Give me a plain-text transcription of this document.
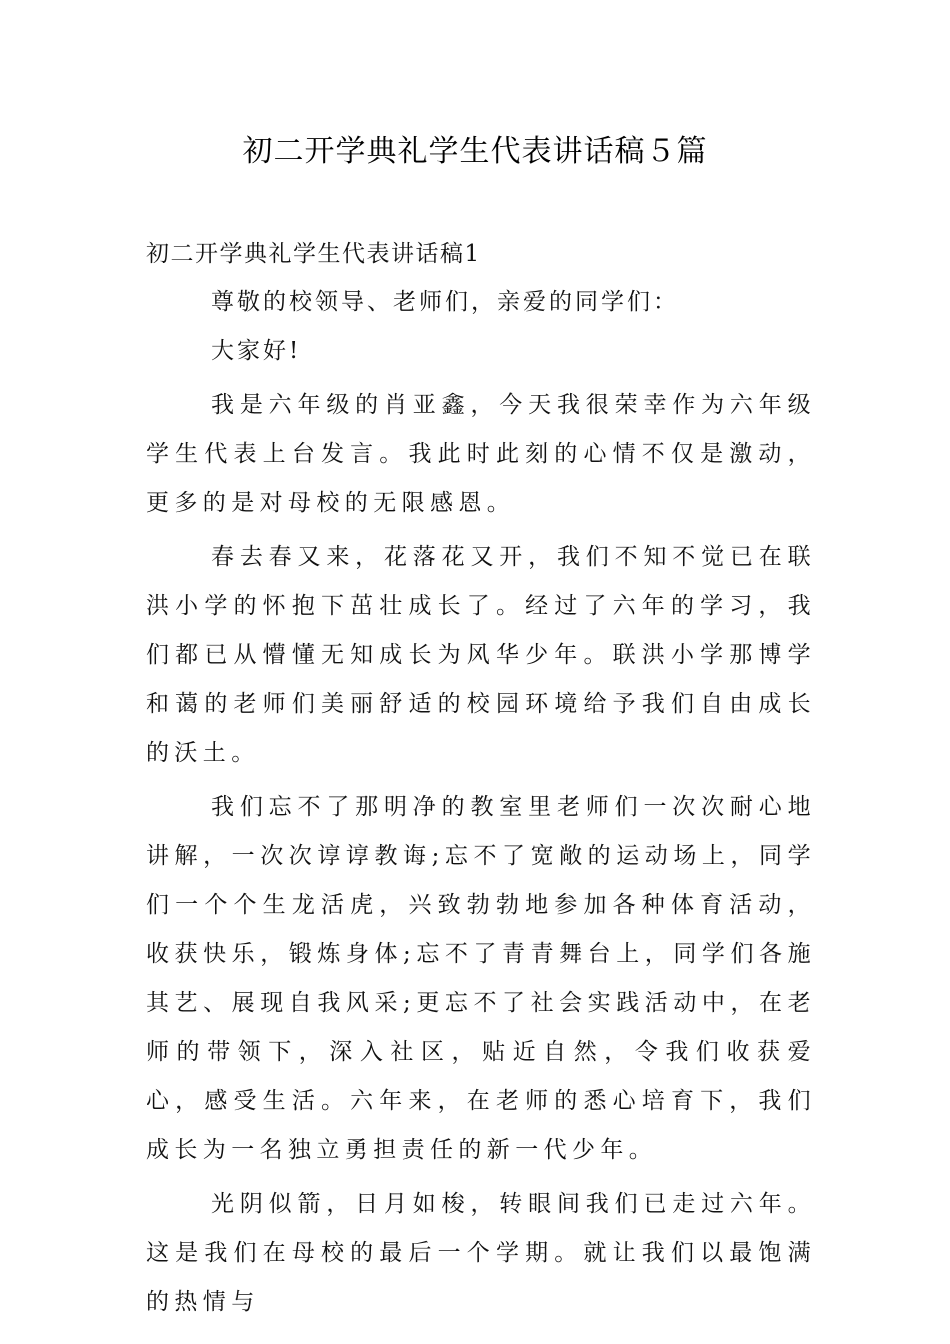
初二开学典礼学生代表讲话稿５篇

初二开学典礼学生代表讲话稿1

尊敬的校领导、老师们，亲爱的同学们：

大家好!

我是六年级的肖亚鑫，今天我很荣幸作为六年级学生代表上台发言。我此时此刻的心情不仅是激动，更多的是对母校的无限感恩。

春去春又来，花落花又开，我们不知不觉已在联洪小学的怀抱下茁壮成长了。经过了六年的学习，我们都已从懵懂无知成长为风华少年。联洪小学那博学和蔼的老师们美丽舒适的校园环境给予我们自由成长的沃土。

我们忘不了那明净的教室里老师们一次次耐心地讲解，一次次谆谆教诲;忘不了宽敞的运动场上，同学们一个个生龙活虎，兴致勃勃地参加各种体育活动，收获快乐，锻炼身体;忘不了青青舞台上，同学们各施其艺、展现自我风采;更忘不了社会实践活动中，在老师的带领下，深入社区，贴近自然，令我们收获爱心，感受生活。六年来，在老师的悉心培育下，我们成长为一名独立勇担责任的新一代少年。

光阴似箭，日月如梭，转眼间我们已走过六年。这是我们在母校的最后一个学期。就让我们以最饱满的热情与
